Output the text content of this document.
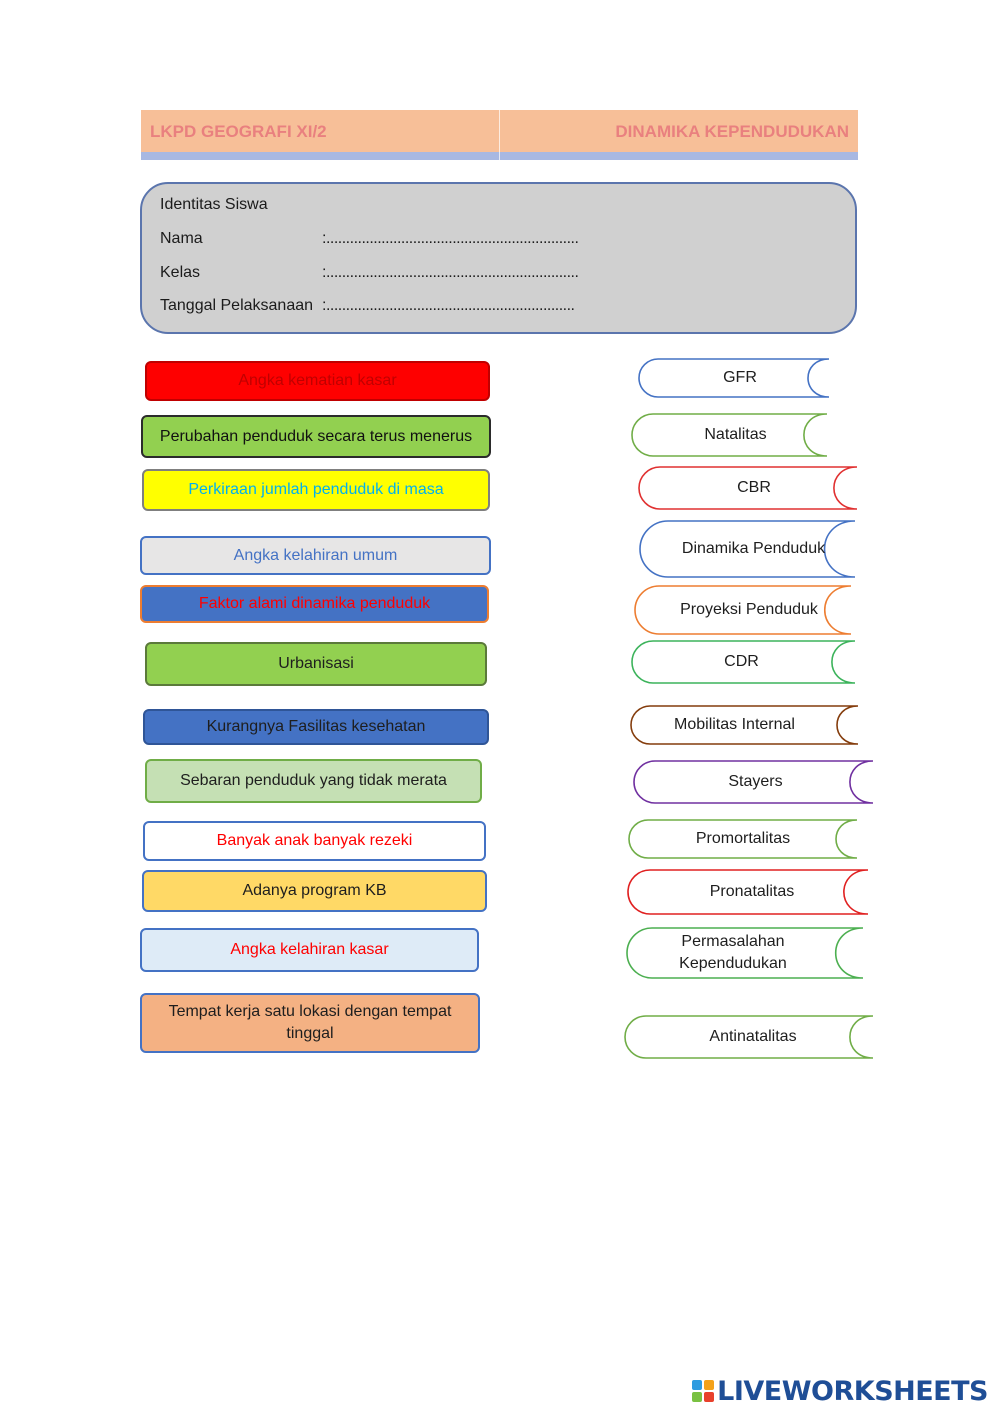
LKPD GEOGRAFI XI/2	DINAMIKA KEPENDUDUKAN
Identitas Siswa
Nama	:................................................................
Kelas	:................................................................
Tanggal Pelaksanaan :...............................................................
Angka kematian kasar
Perubahan penduduk secara terus menerus
Perkiraan jumlah penduduk di masa
Angka kelahiran umum
Faktor alami dinamika penduduk
Urbanisasi
Kurangnya Fasilitas kesehatan
Sebaran penduduk yang tidak merata
Banyak anak banyak rezeki
Adanya program KB
Angka kelahiran kasar
Tempat kerja satu lokasi dengan tempat tinggal
GFR
Natalitas
CBR
Dinamika Penduduk
Proyeksi Penduduk
CDR
Mobilitas Internal
Stayers
Promortalitas
Pronatalitas
Permasalahan Kependudukan
Antinatalitas
LIVEWORKSHEETS
